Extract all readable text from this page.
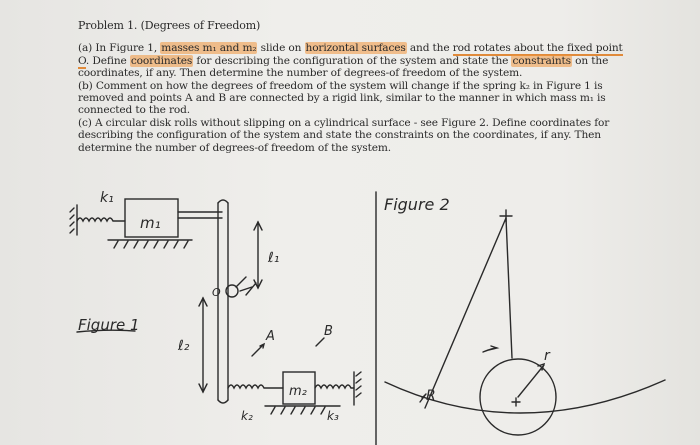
Problem 1. (Degrees of Freedom)

(a) In Figure 1, masses m₁ and m₂ slide on horizontal surfaces and the rod rotates about the fixed point O. Define coordinates for describing the configuration of the system and state the constraints on the coordinates, if any. Then determine the number of degrees-of freedom of the system.

(b) Comment on how the degrees of freedom of the system will change if the spring k₂ in Figure 1 is removed and points A and B are connected by a rigid link, similar to the manner in which mass m₁ is connected to the rod.

(c) A circular disk rolls without slipping on a cylindrical surface - see Figure 2. Define coordinates for describing the configuration of the system and state the constraints on the coordinates, if any. Then determine the number of degrees-of freedom of the system.

k₁
m₁
ℓ₁
Figure 1
O
ℓ₂
A	B
m₂
k₂	k₃
Figure 2
R
r
